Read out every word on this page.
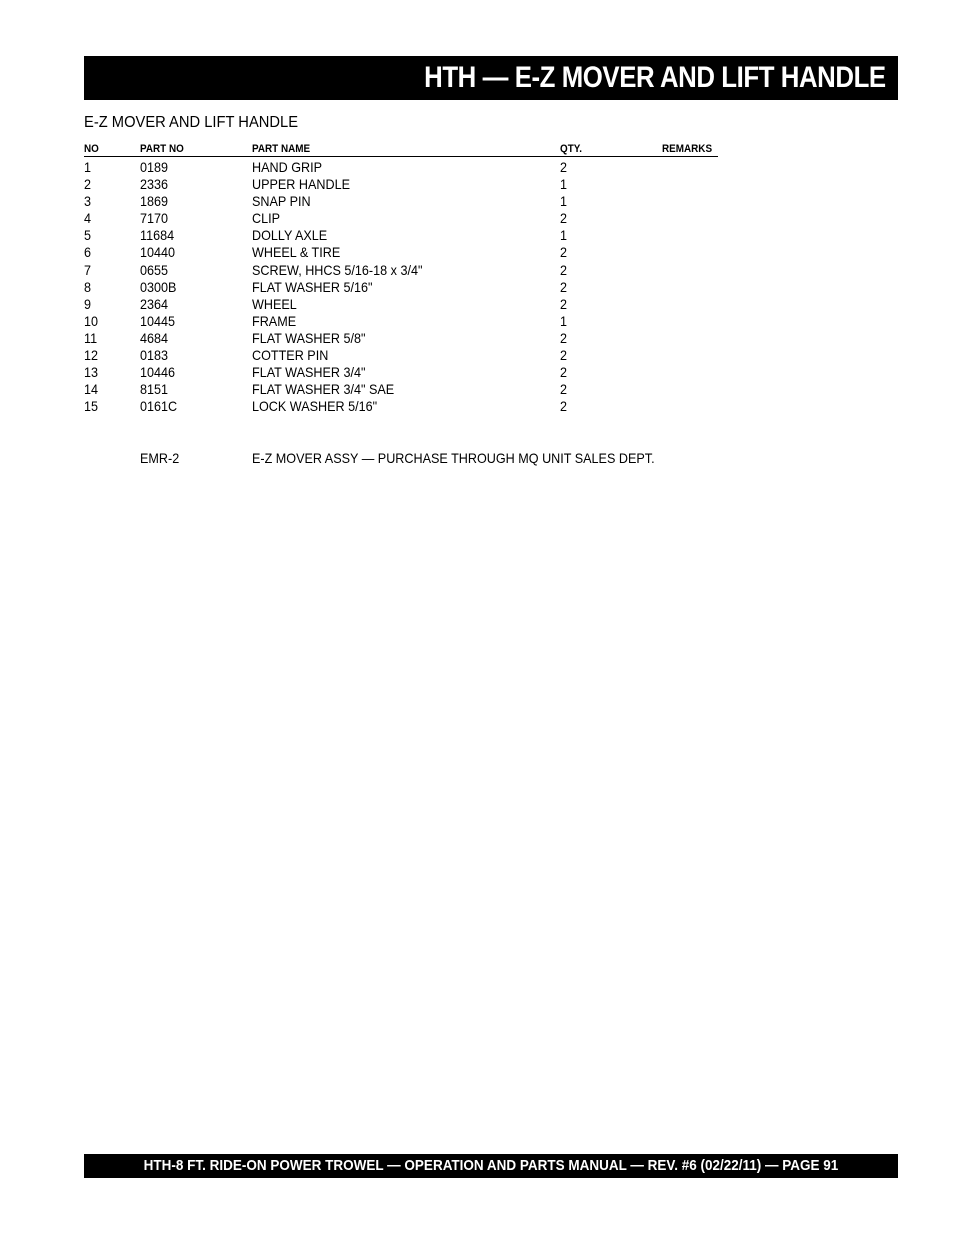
HTH — E-Z MOVER AND LIFT HANDLE
E-Z MOVER AND LIFT HANDLE
NO	PART NO	PART NAME	QTY.	REMARKS
1	0189	HAND GRIP	2
2	2336	UPPER HANDLE	1
3	1869	SNAP PIN	1
4	7170	CLIP	2
5	11684	DOLLY AXLE	1
6	10440	WHEEL & TIRE	2
7	0655	SCREW, HHCS 5/16-18 x 3/4"	2
8	0300B	FLAT WASHER 5/16"	2
9	2364	WHEEL	2
10	10445	FRAME	1
11	4684	FLAT WASHER 5/8"	2
12	0183	COTTER PIN	2
13	10446	FLAT WASHER 3/4"	2
14	8151	FLAT WASHER 3/4" SAE	2
15	0161C	LOCK WASHER 5/16"	2
EMR-2	E-Z MOVER ASSY — PURCHASE THROUGH MQ UNIT SALES DEPT.
HTH-8 FT. RIDE-ON POWER TROWEL — OPERATION AND PARTS MANUAL — REV. #6 (02/22/11) — PAGE 91
